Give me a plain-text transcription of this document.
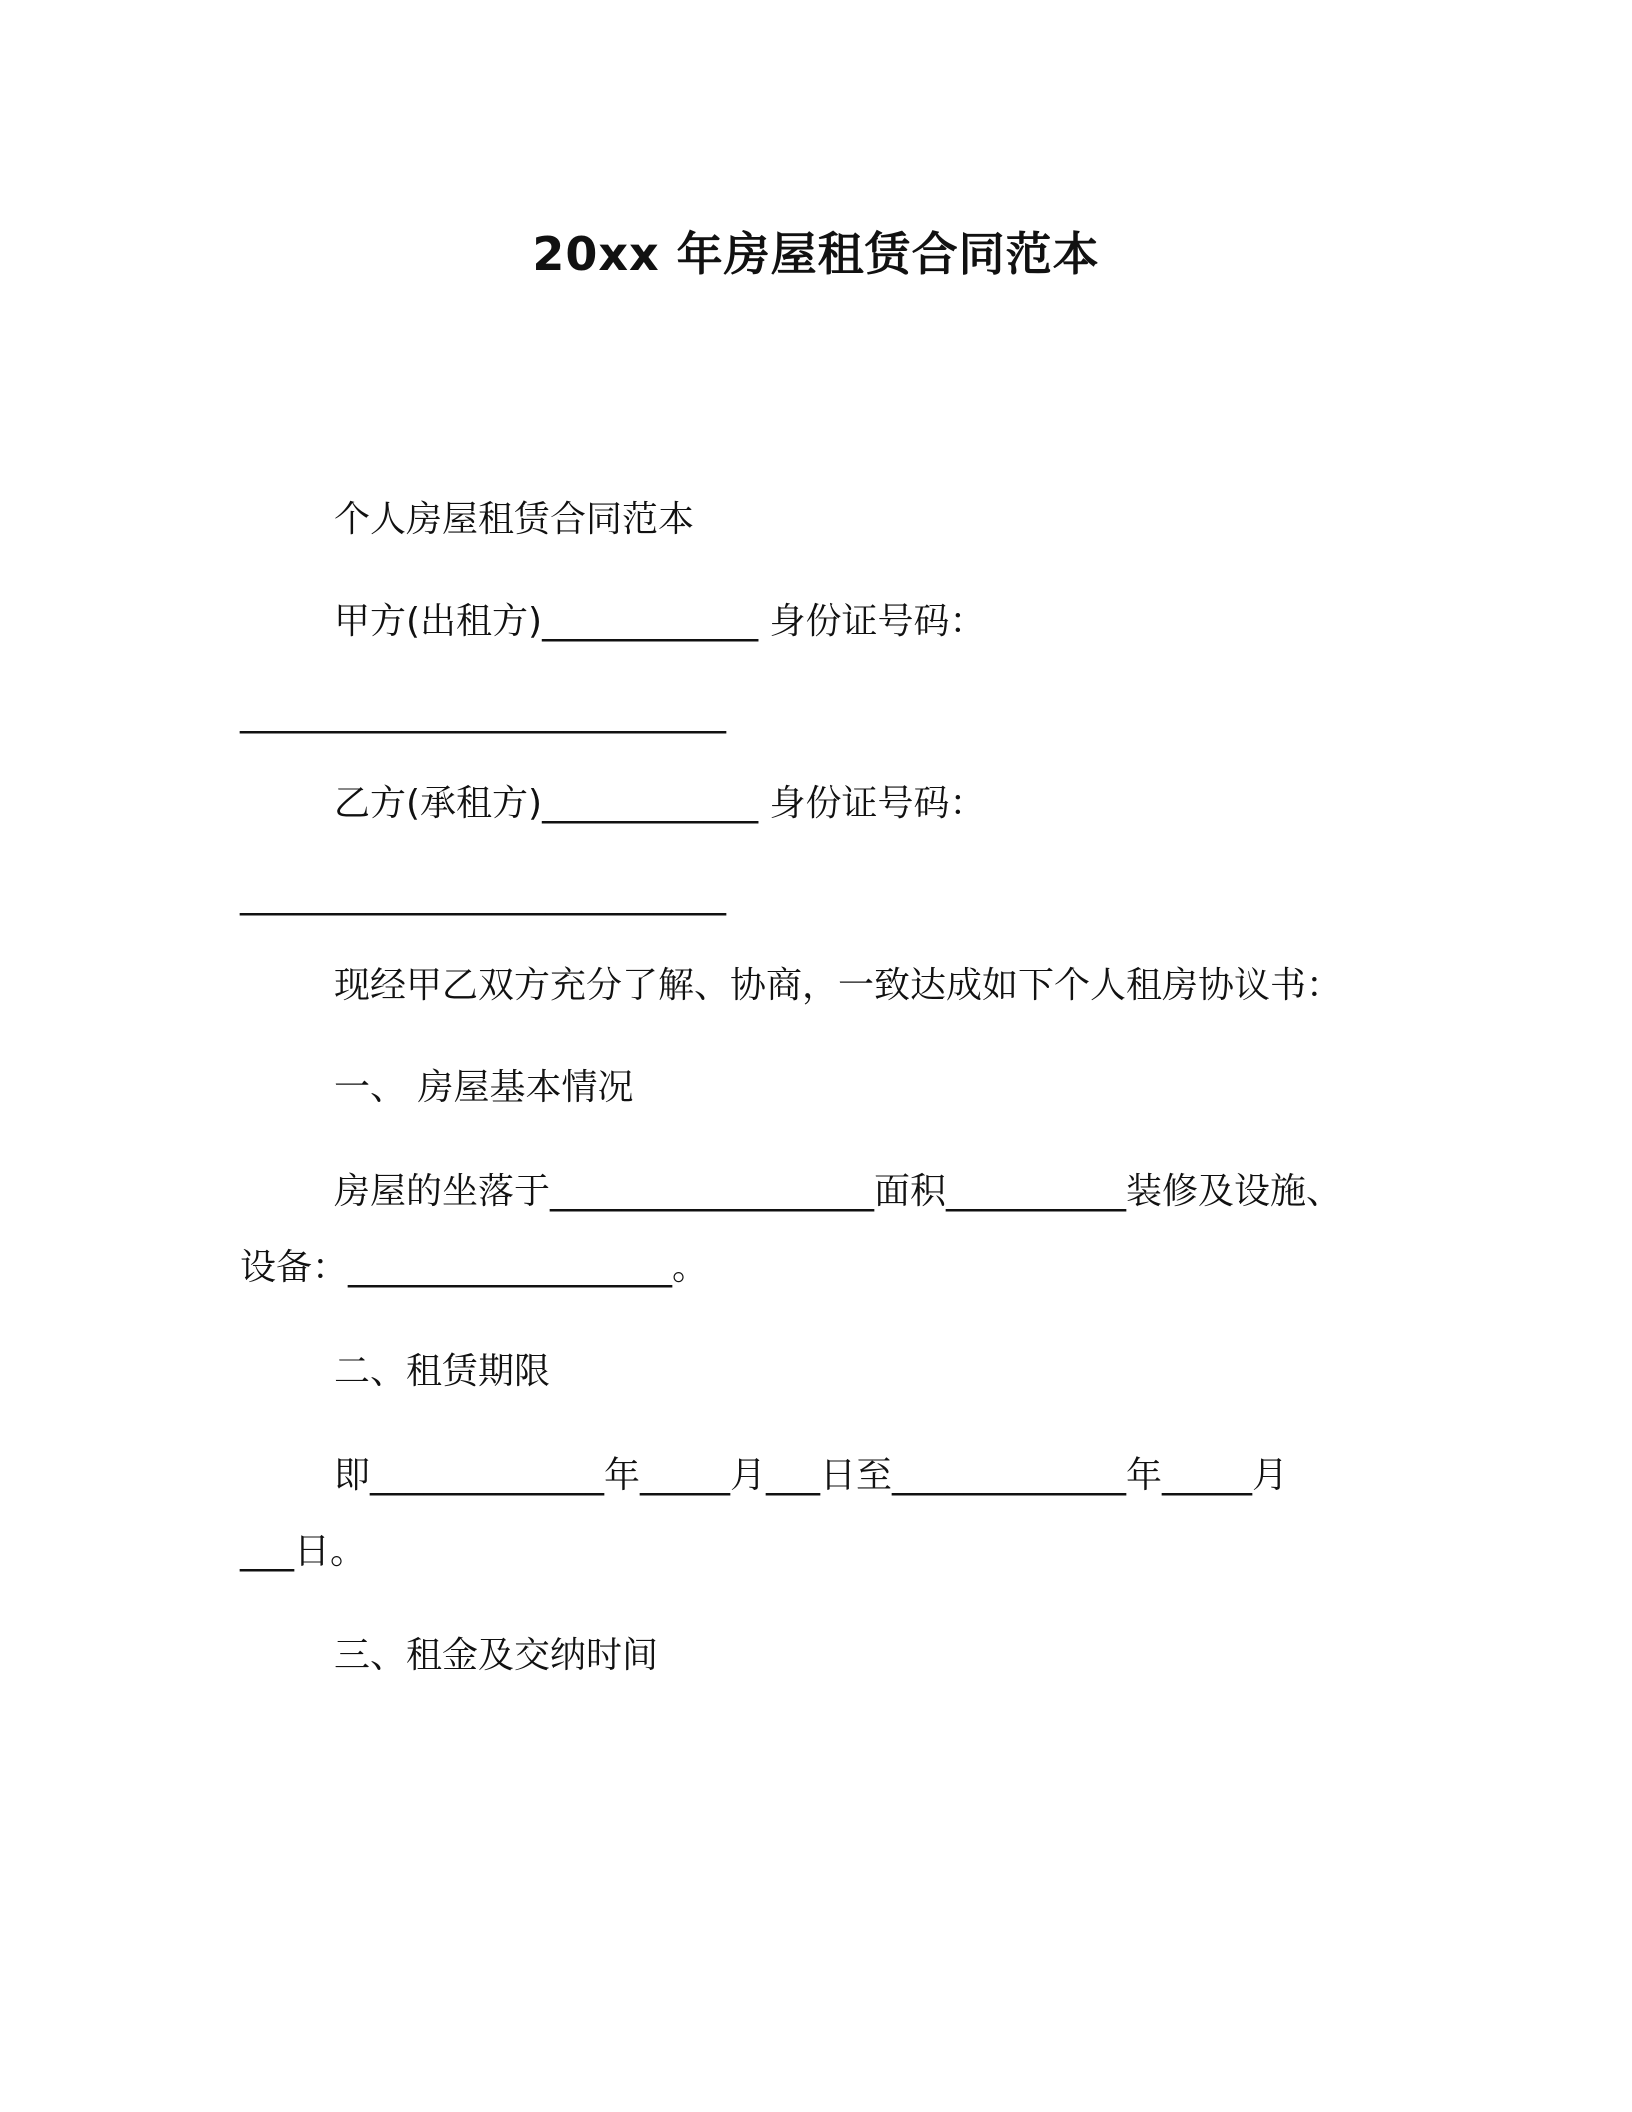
20xx 年房屋租赁合同范本
个人房屋租赁合同范本
甲方(出租方)____________ 身份证号码：
___________________________
乙方(承租方)____________ 身份证号码：
___________________________
现经甲乙双方充分了解、协商，一致达成如下个人租房协议书：
一、 房屋基本情况
房屋的坐落于__________________面积__________装修及设施、
设备：__________________。
二、租赁期限
即_____________年_____月___日至_____________年_____月
___日。
三、租金及交纳时间
